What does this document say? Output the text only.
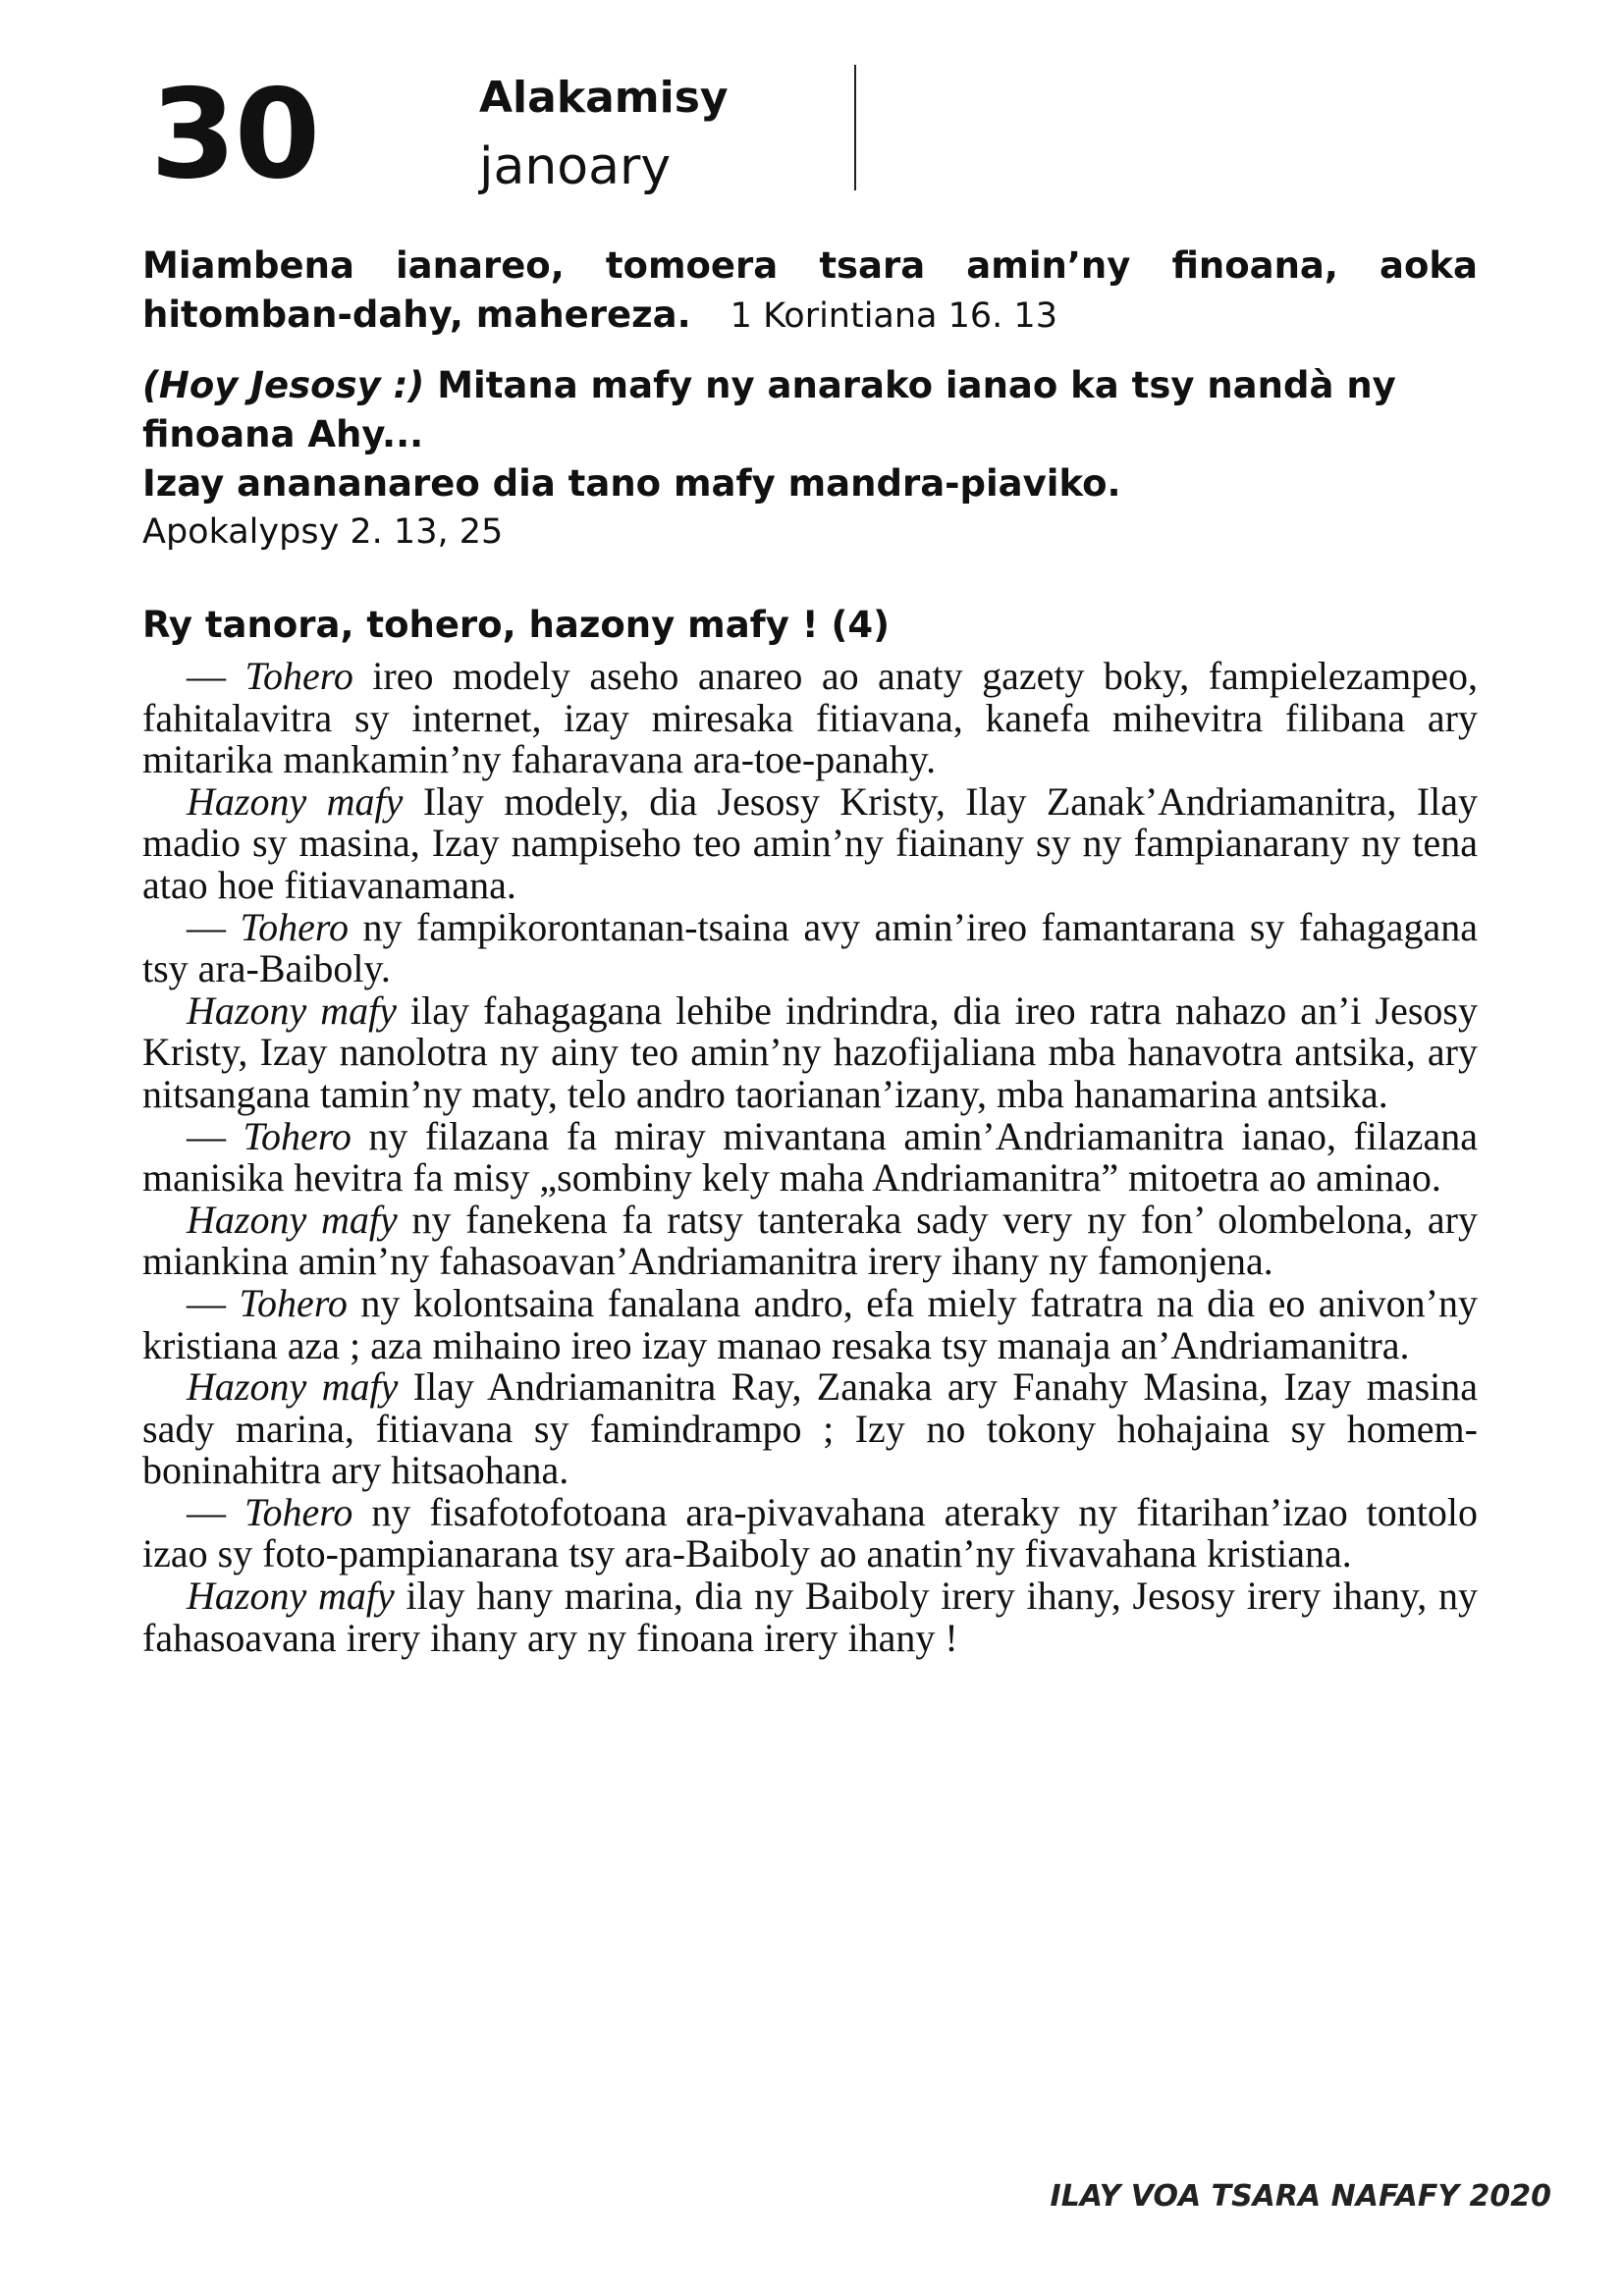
30	Alakamisy
janoary
Miambena ianareo, tomoera tsara amin’ny finoana, aoka hitomban-dahy, mahereza. 1 Korintiana 16. 13
(Hoy Jesosy :) Mitana mafy ny anarako ianao ka tsy nandà ny finoana Ahy...
Izay anananareo dia tano mafy mandra-piaviko.
Apokalypsy 2. 13, 25
Ry tanora, tohero, hazony mafy ! (4)

— Tohero ireo modely aseho anareo ao anaty gazety boky, fampielezampeo, fahitalavitra sy internet, izay miresaka fitiavana, kanefa mihevitra filibana ary mitarika mankamin’ny faharavana ara-toe-panahy.

Hazony mafy Ilay modely, dia Jesosy Kristy, Ilay Zanak’Andriamanitra, Ilay madio sy masina, Izay nampiseho teo amin’ny fiainany sy ny fampianarany ny tena atao hoe fitiavanamana.

— Tohero ny fampikorontanan-tsaina avy amin’ireo famantarana sy fahagagana tsy ara-Baiboly.

Hazony mafy ilay fahagagana lehibe indrindra, dia ireo ratra nahazo an’i Jesosy Kristy, Izay nanolotra ny ainy teo amin’ny hazofijaliana mba hanavotra antsika, ary nitsangana tamin’ny maty, telo andro taorianan’izany, mba hanamarina antsika.

— Tohero ny filazana fa miray mivantana amin’Andriamanitra ianao, filazana manisika hevitra fa misy „sombiny kely maha Andriamanitra” mitoetra ao aminao.

Hazony mafy ny fanekena fa ratsy tanteraka sady very ny fon’ olombelona, ary miankina amin’ny fahasoavan’Andriamanitra irery ihany ny famonjena.

— Tohero ny kolontsaina fanalana andro, efa miely fatratra na dia eo anivon’ny kristiana aza ; aza mihaino ireo izay manao resaka tsy manaja an’Andriamanitra.

Hazony mafy Ilay Andriamanitra Ray, Zanaka ary Fanahy Masina, Izay masina sady marina, fitiavana sy famindrampo ; Izy no tokony hohajaina sy homem-boninahitra ary hitsaohana.

— Tohero ny fisafotofotoana ara-pivavahana ateraky ny fitarihan’izao tontolo izao sy foto-pampianarana tsy ara-Baiboly ao anatin’ny fivavahana kristiana.

Hazony mafy ilay hany marina, dia ny Baiboly irery ihany, Jesosy irery ihany, ny fahasoavana irery ihany ary ny finoana irery ihany !

ILAY VOA TSARA NAFAFY 2020
